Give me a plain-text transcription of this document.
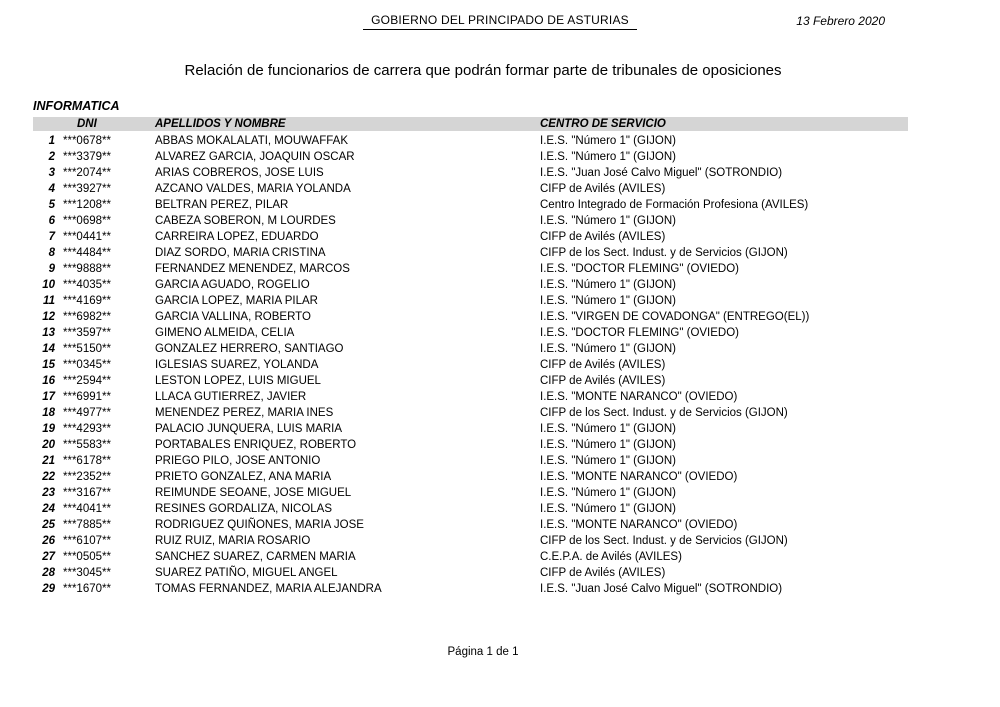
GOBIERNO DEL PRINCIPADO DE ASTURIAS	13 Febrero 2020
Relación de funcionarios de carrera que podrán formar parte de tribunales de oposiciones
INFORMATICA
DNI	APELLIDOS Y NOMBRE	CENTRO DE SERVICIO
1 ***0678**	ABBAS MOKALALATI, MOUWAFFAK	I.E.S. "Número 1" (GIJON)
2 ***3379**	ALVAREZ GARCIA, JOAQUIN OSCAR	I.E.S. "Número 1" (GIJON)
3 ***2074**	ARIAS COBREROS, JOSE LUIS	I.E.S. "Juan José Calvo Miguel" (SOTRONDIO)
4 ***3927**	AZCANO VALDES, MARIA YOLANDA	CIFP de Avilés (AVILES)
5 ***1208**	BELTRAN PEREZ, PILAR	Centro Integrado de Formación Profesiona (AVILES)
6 ***0698**	CABEZA SOBERON, M LOURDES	I.E.S. "Número 1" (GIJON)
7 ***0441**	CARREIRA LOPEZ, EDUARDO	CIFP de Avilés (AVILES)
8 ***4484**	DIAZ SORDO, MARIA CRISTINA	CIFP de los Sect. Indust. y de Servicios (GIJON)
9 ***9888**	FERNANDEZ MENENDEZ, MARCOS	I.E.S. "DOCTOR FLEMING" (OVIEDO)
10 ***4035**	GARCIA AGUADO, ROGELIO	I.E.S. "Número 1" (GIJON)
11 ***4169**	GARCIA LOPEZ, MARIA PILAR	I.E.S. "Número 1" (GIJON)
12 ***6982**	GARCIA VALLINA, ROBERTO	I.E.S. "VIRGEN DE COVADONGA" (ENTREGO(EL))
13 ***3597**	GIMENO ALMEIDA, CELIA	I.E.S. "DOCTOR FLEMING" (OVIEDO)
14 ***5150**	GONZALEZ HERRERO, SANTIAGO	I.E.S. "Número 1" (GIJON)
15 ***0345**	IGLESIAS SUAREZ, YOLANDA	CIFP de Avilés (AVILES)
16 ***2594**	LESTON LOPEZ, LUIS MIGUEL	CIFP de Avilés (AVILES)
17 ***6991**	LLACA GUTIERREZ, JAVIER	I.E.S. "MONTE NARANCO" (OVIEDO)
18 ***4977**	MENENDEZ PEREZ, MARIA INES	CIFP de los Sect. Indust. y de Servicios (GIJON)
19 ***4293**	PALACIO JUNQUERA, LUIS MARIA	I.E.S. "Número 1" (GIJON)
20 ***5583**	PORTABALES ENRIQUEZ, ROBERTO	I.E.S. "Número 1" (GIJON)
21 ***6178**	PRIEGO PILO, JOSE ANTONIO	I.E.S. "Número 1" (GIJON)
22 ***2352**	PRIETO GONZALEZ, ANA MARIA	I.E.S. "MONTE NARANCO" (OVIEDO)
23 ***3167**	REIMUNDE SEOANE, JOSE MIGUEL	I.E.S. "Número 1" (GIJON)
24 ***4041**	RESINES GORDALIZA, NICOLAS	I.E.S. "Número 1" (GIJON)
25 ***7885**	RODRIGUEZ QUIÑONES, MARIA JOSE	I.E.S. "MONTE NARANCO" (OVIEDO)
26 ***6107**	RUIZ RUIZ, MARIA ROSARIO	CIFP de los Sect. Indust. y de Servicios (GIJON)
27 ***0505**	SANCHEZ SUAREZ, CARMEN MARIA	C.E.P.A. de Avilés (AVILES)
28 ***3045**	SUAREZ PATIÑO, MIGUEL ANGEL	CIFP de Avilés (AVILES)
29 ***1670**	TOMAS FERNANDEZ, MARIA ALEJANDRA	I.E.S. "Juan José Calvo Miguel" (SOTRONDIO)
Página 1 de 1
